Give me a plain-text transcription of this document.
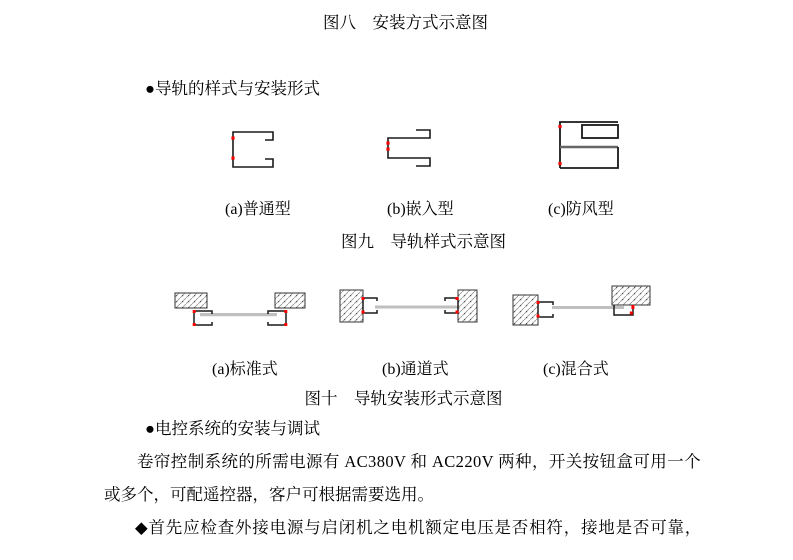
图八　安装方式示意图
●导轨的样式与安装形式
(a)普通型	(b)嵌入型	(c)防风型
图九　导轨样式示意图
(a)标准式	(b)通道式	(c)混合式
图十　导轨安装形式示意图
●电控系统的安装与调试
卷帘控制系统的所需电源有 AC380V 和 AC220V 两种，开关按钮盒可用一个
或多个，可配遥控器，客户可根据需要选用。
◆首先应检查外接电源与启闭机之电机额定电压是否相符，接地是否可靠，
